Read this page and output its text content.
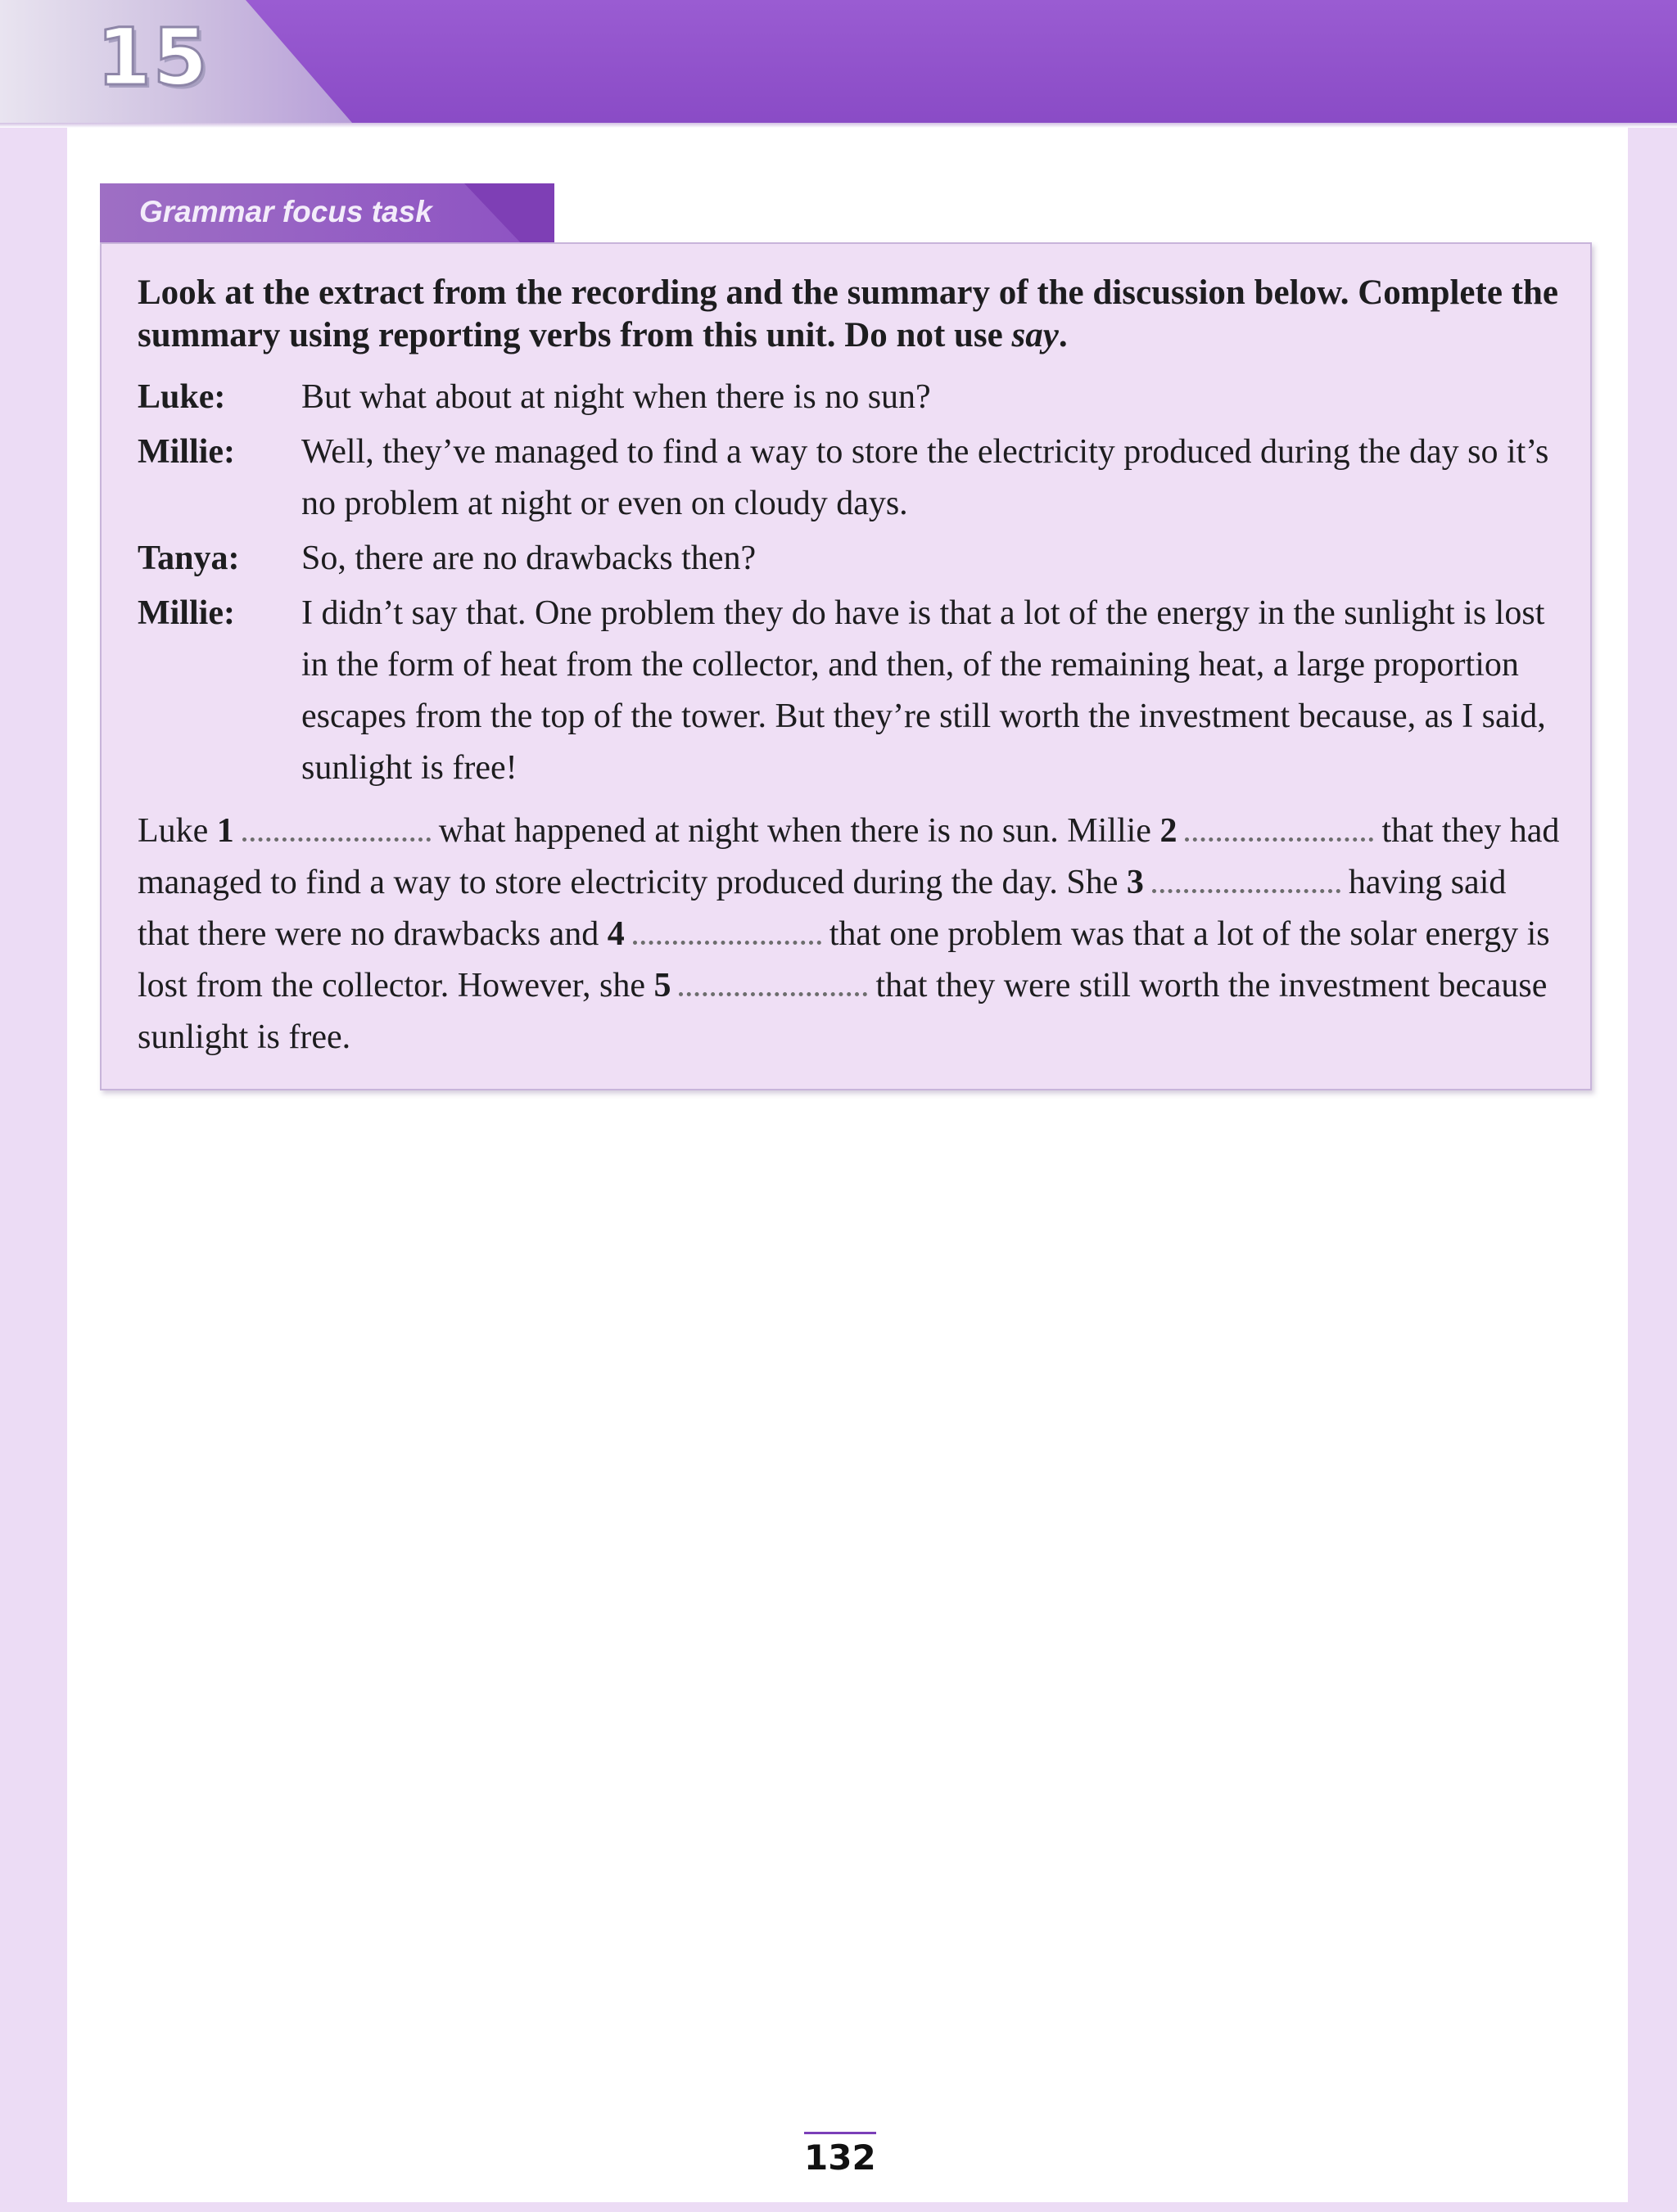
15
Grammar focus task
Look at the extract from the recording and the summary of the discussion below. Complete the summary using reporting verbs from this unit. Do not use say.
Luke: But what about at night when there is no sun?
Millie: Well, they’ve managed to find a way to store the electricity produced during the day so it’s no problem at night or even on cloudy days.
Tanya: So, there are no drawbacks then?
Millie: I didn’t say that. One problem they do have is that a lot of the energy in the sunlight is lost in the form of heat from the collector, and then, of the remaining heat, a large proportion escapes from the top of the tower. But they’re still worth the investment because, as I said, sunlight is free!
Luke 1	what happened at night when there is no sun. Millie 2	that they had managed to find a way to store electricity produced during the day. She 3	having said that there were no drawbacks and 4	that one problem was that a lot of the solar energy is lost from the collector. However, she 5	that they were still worth the investment because sunlight is free.
132
